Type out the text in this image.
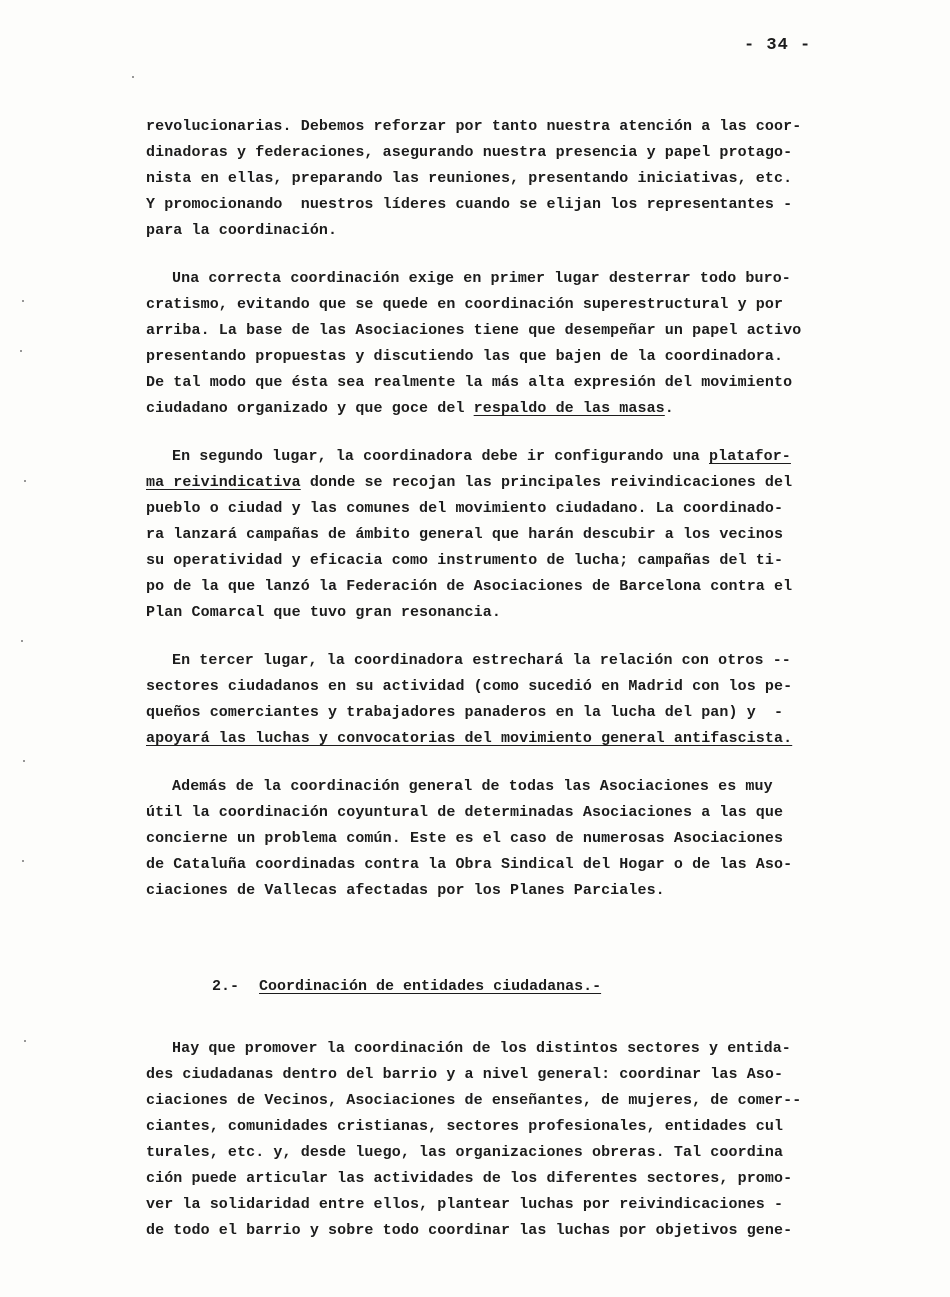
- 34 -
revolucionarias. Debemos reforzar por tanto nuestra atención a las coor-
dinadoras y federaciones, asegurando nuestra presencia y papel protago-
nista en ellas, preparando las reuniones, presentando iniciativas, etc.
Y promocionando  nuestros líderes cuando se elijan los representantes -
para la coordinación.
Una correcta coordinación exige en primer lugar desterrar todo buro-
cratismo, evitando que se quede en coordinación superestructural y por
arriba. La base de las Asociaciones tiene que desempeñar un papel activo
presentando propuestas y discutiendo las que bajen de la coordinadora.
De tal modo que ésta sea realmente la más alta expresión del movimiento
ciudadano organizado y que goce del respaldo de las masas.
En segundo lugar, la coordinadora debe ir configurando una platafor-
ma reivindicativa donde se recojan las principales reivindicaciones del
pueblo o ciudad y las comunes del movimiento ciudadano. La coordinado-
ra lanzará campañas de ámbito general que harán descubir a los vecinos
su operatividad y eficacia como instrumento de lucha; campañas del ti-
po de la que lanzó la Federación de Asociaciones de Barcelona contra el
Plan Comarcal que tuvo gran resonancia.
En tercer lugar, la coordinadora estrechará la relación con otros --
sectores ciudadanos en su actividad (como sucedió en Madrid con los pe-
queños comerciantes y trabajadores panaderos en la lucha del pan) y  -
apoyará las luchas y convocatorias del movimiento general antifascista.
Además de la coordinación general de todas las Asociaciones es muy
útil la coordinación coyuntural de determinadas Asociaciones a las que
concierne un problema común. Este es el caso de numerosas Asociaciones
de Cataluña coordinadas contra la Obra Sindical del Hogar o de las Aso-
ciaciones de Vallecas afectadas por los Planes Parciales.

2.- Coordinación de entidades ciudadanas.-

Hay que promover la coordinación de los distintos sectores y entida-
des ciudadanas dentro del barrio y a nivel general: coordinar las Aso-
ciaciones de Vecinos, Asociaciones de enseñantes, de mujeres, de comer--
ciantes, comunidades cristianas, sectores profesionales, entidades cul
turales, etc. y, desde luego, las organizaciones obreras. Tal coordina
ción puede articular las actividades de los diferentes sectores, promo-
ver la solidaridad entre ellos, plantear luchas por reivindicaciones -
de todo el barrio y sobre todo coordinar las luchas por objetivos gene-
